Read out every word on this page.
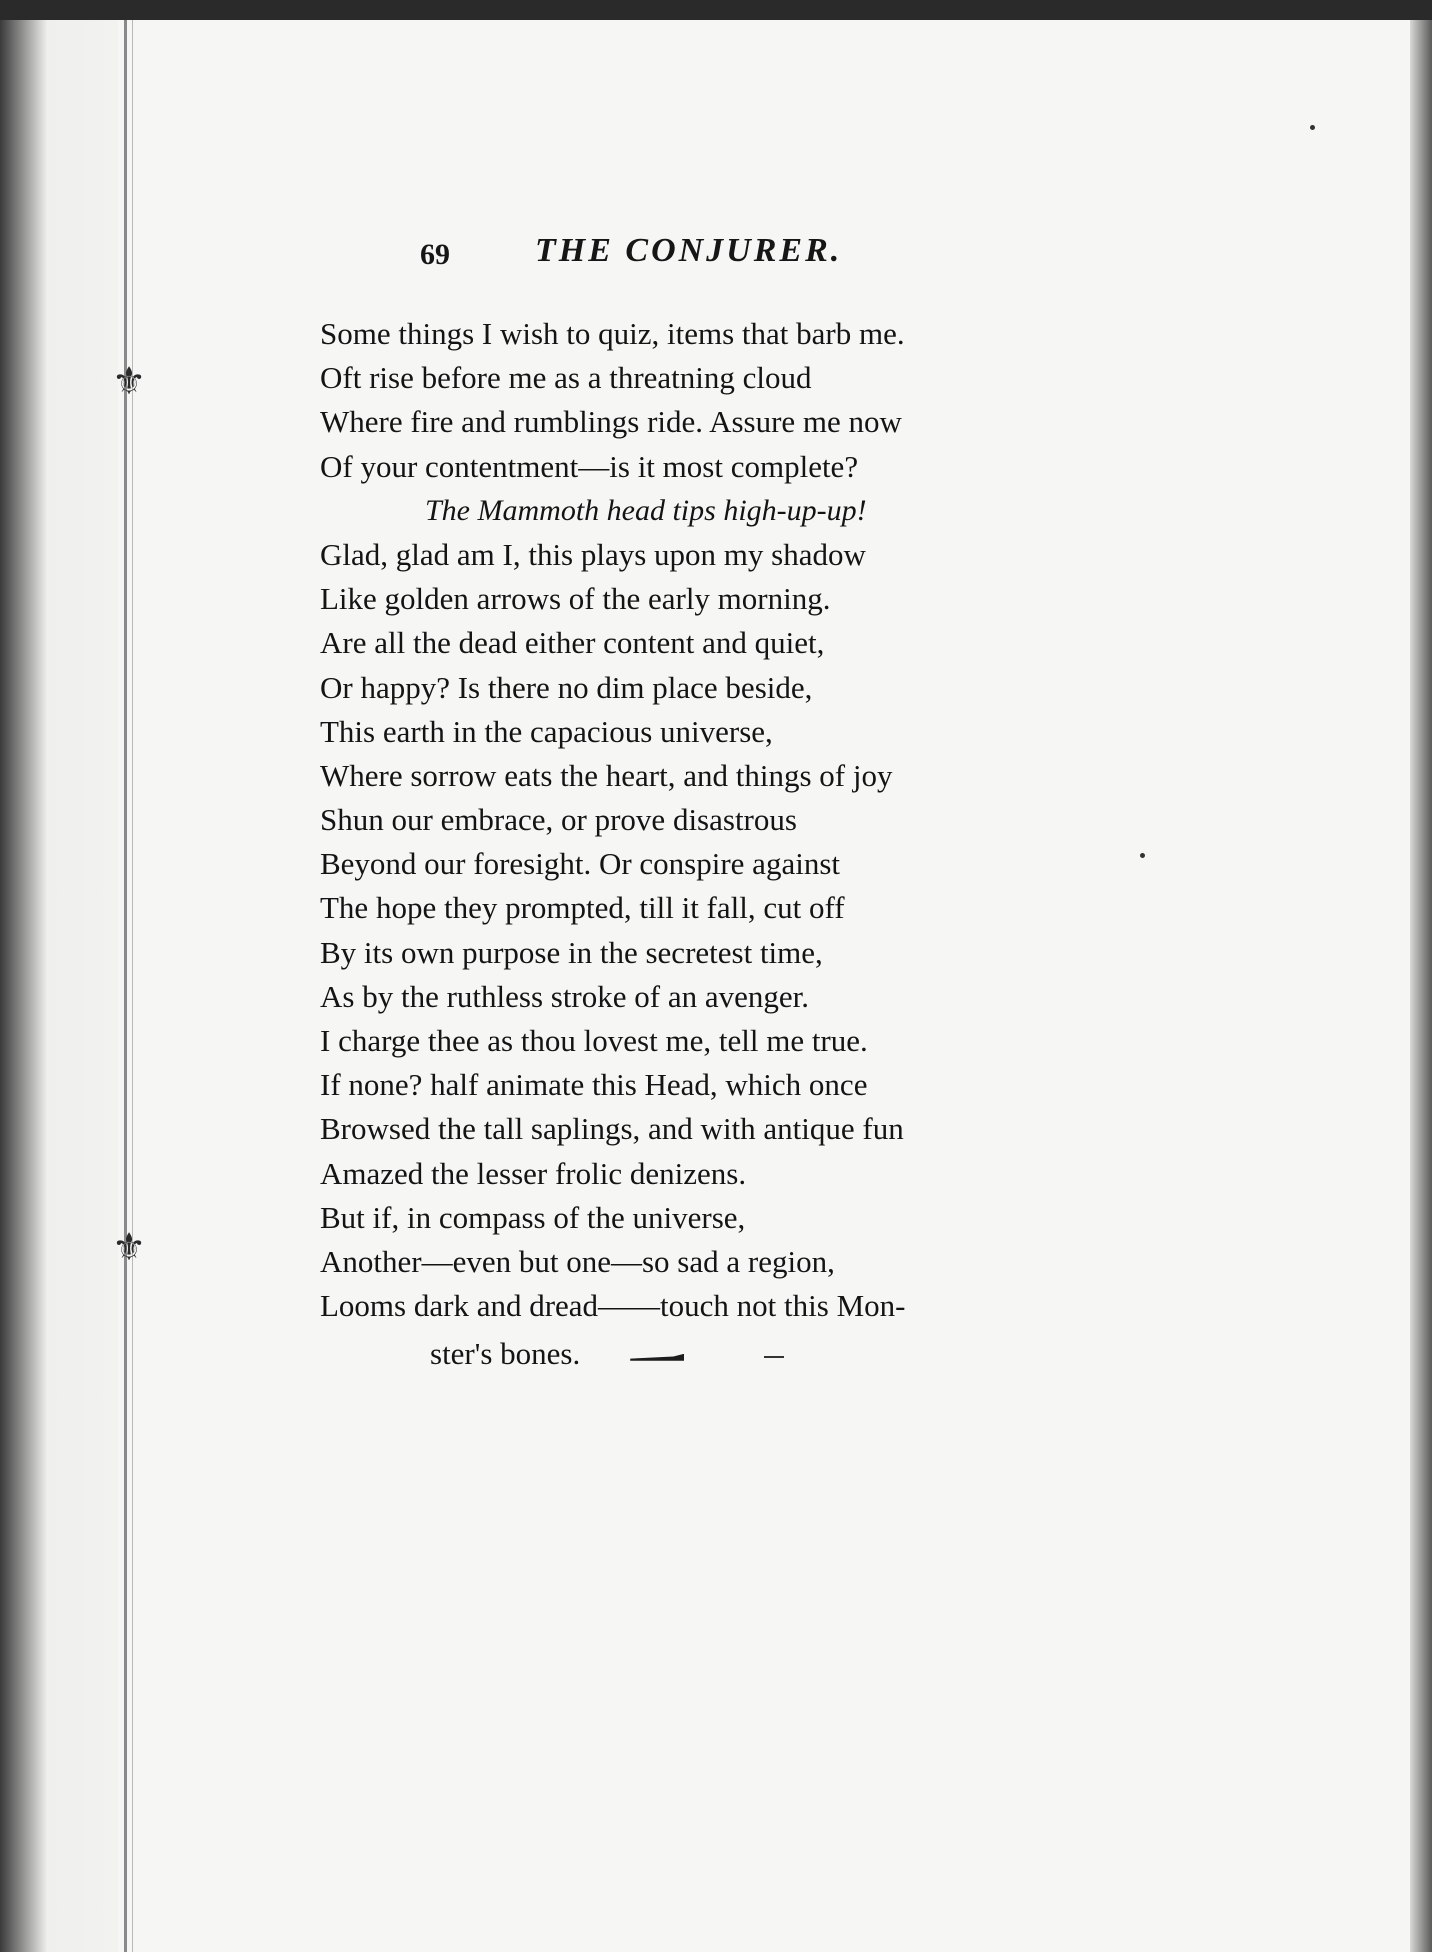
⚜
⚜
69	THE CONJURER.
Some things I wish to quiz, items that barb me.
Oft rise before me as a threatning cloud
Where fire and rumblings ride. Assure me now
Of your contentment—is it most complete?
The Mammoth head tips high-up-up!
Glad, glad am I, this plays upon my shadow
Like golden arrows of the early morning.
Are all the dead either content and quiet,
Or happy? Is there no dim place beside,
This earth in the capacious universe,
Where sorrow eats the heart, and things of joy
Shun our embrace, or prove disastrous
Beyond our foresight. Or conspire against
The hope they prompted, till it fall, cut off
By its own purpose in the secretest time,
As by the ruthless stroke of an avenger.
I charge thee as thou lovest me, tell me true.
If none? half animate this Head, which once
Browsed the tall saplings, and with antique fun
Amazed the lesser frolic denizens.
But if, in compass of the universe,
Another—even but one—so sad a region,
Looms dark and dread——touch not this Mon-
ster's bones.
